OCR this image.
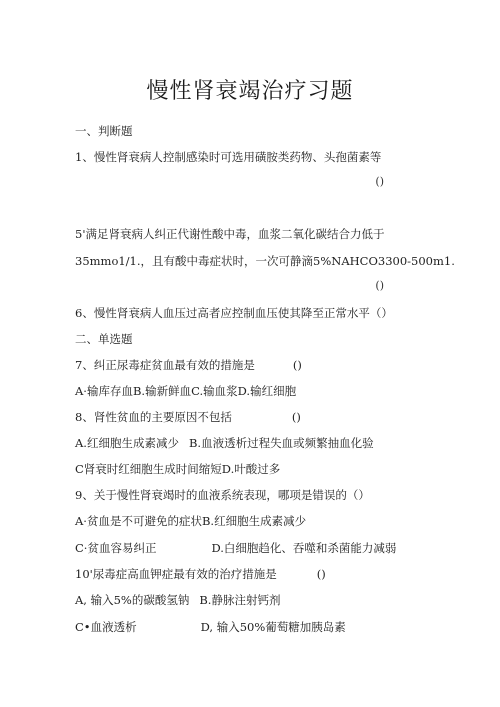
慢性肾衰竭治疗习题
一、判断题
1、慢性肾衰病人控制感染时可选用磺胺类药物、头孢菌素等
()
5'满足肾衰病人纠正代谢性酸中毒，血浆二氧化碳结合力低于
35mmo1/1.，且有酸中毒症状时，一次可静滴5%NAHCO3300-500m1.
()
6、慢性肾衰病人血压过高者应控制血压使其降至正常水平（）
二、单选题
7、纠正尿毒症贫血最有效的措施是	()
A·输库存血B.输新鲜血C.输血浆D.输红细胞
8、肾性贫血的主要原因不包括	()
A.红细胞生成素减少 B.血液透析过程失血或频繁抽血化验
C肾衰时红细胞生成时间缩短D.叶酸过多
9、关于慢性肾衰竭时的血液系统表现，哪项是错误的（）
A·贫血是不可避免的症状B.红细胞生成素减少
C·贫血容易纠正	D.白细胞趋化、吞噬和杀菌能力减弱
10'尿毒症高血钾症最有效的治疗措施是	()
A, 输入5%的碳酸氢钠 B.静脉注射钙剂
C•血液透析	D, 输入50%葡萄糖加胰岛素
